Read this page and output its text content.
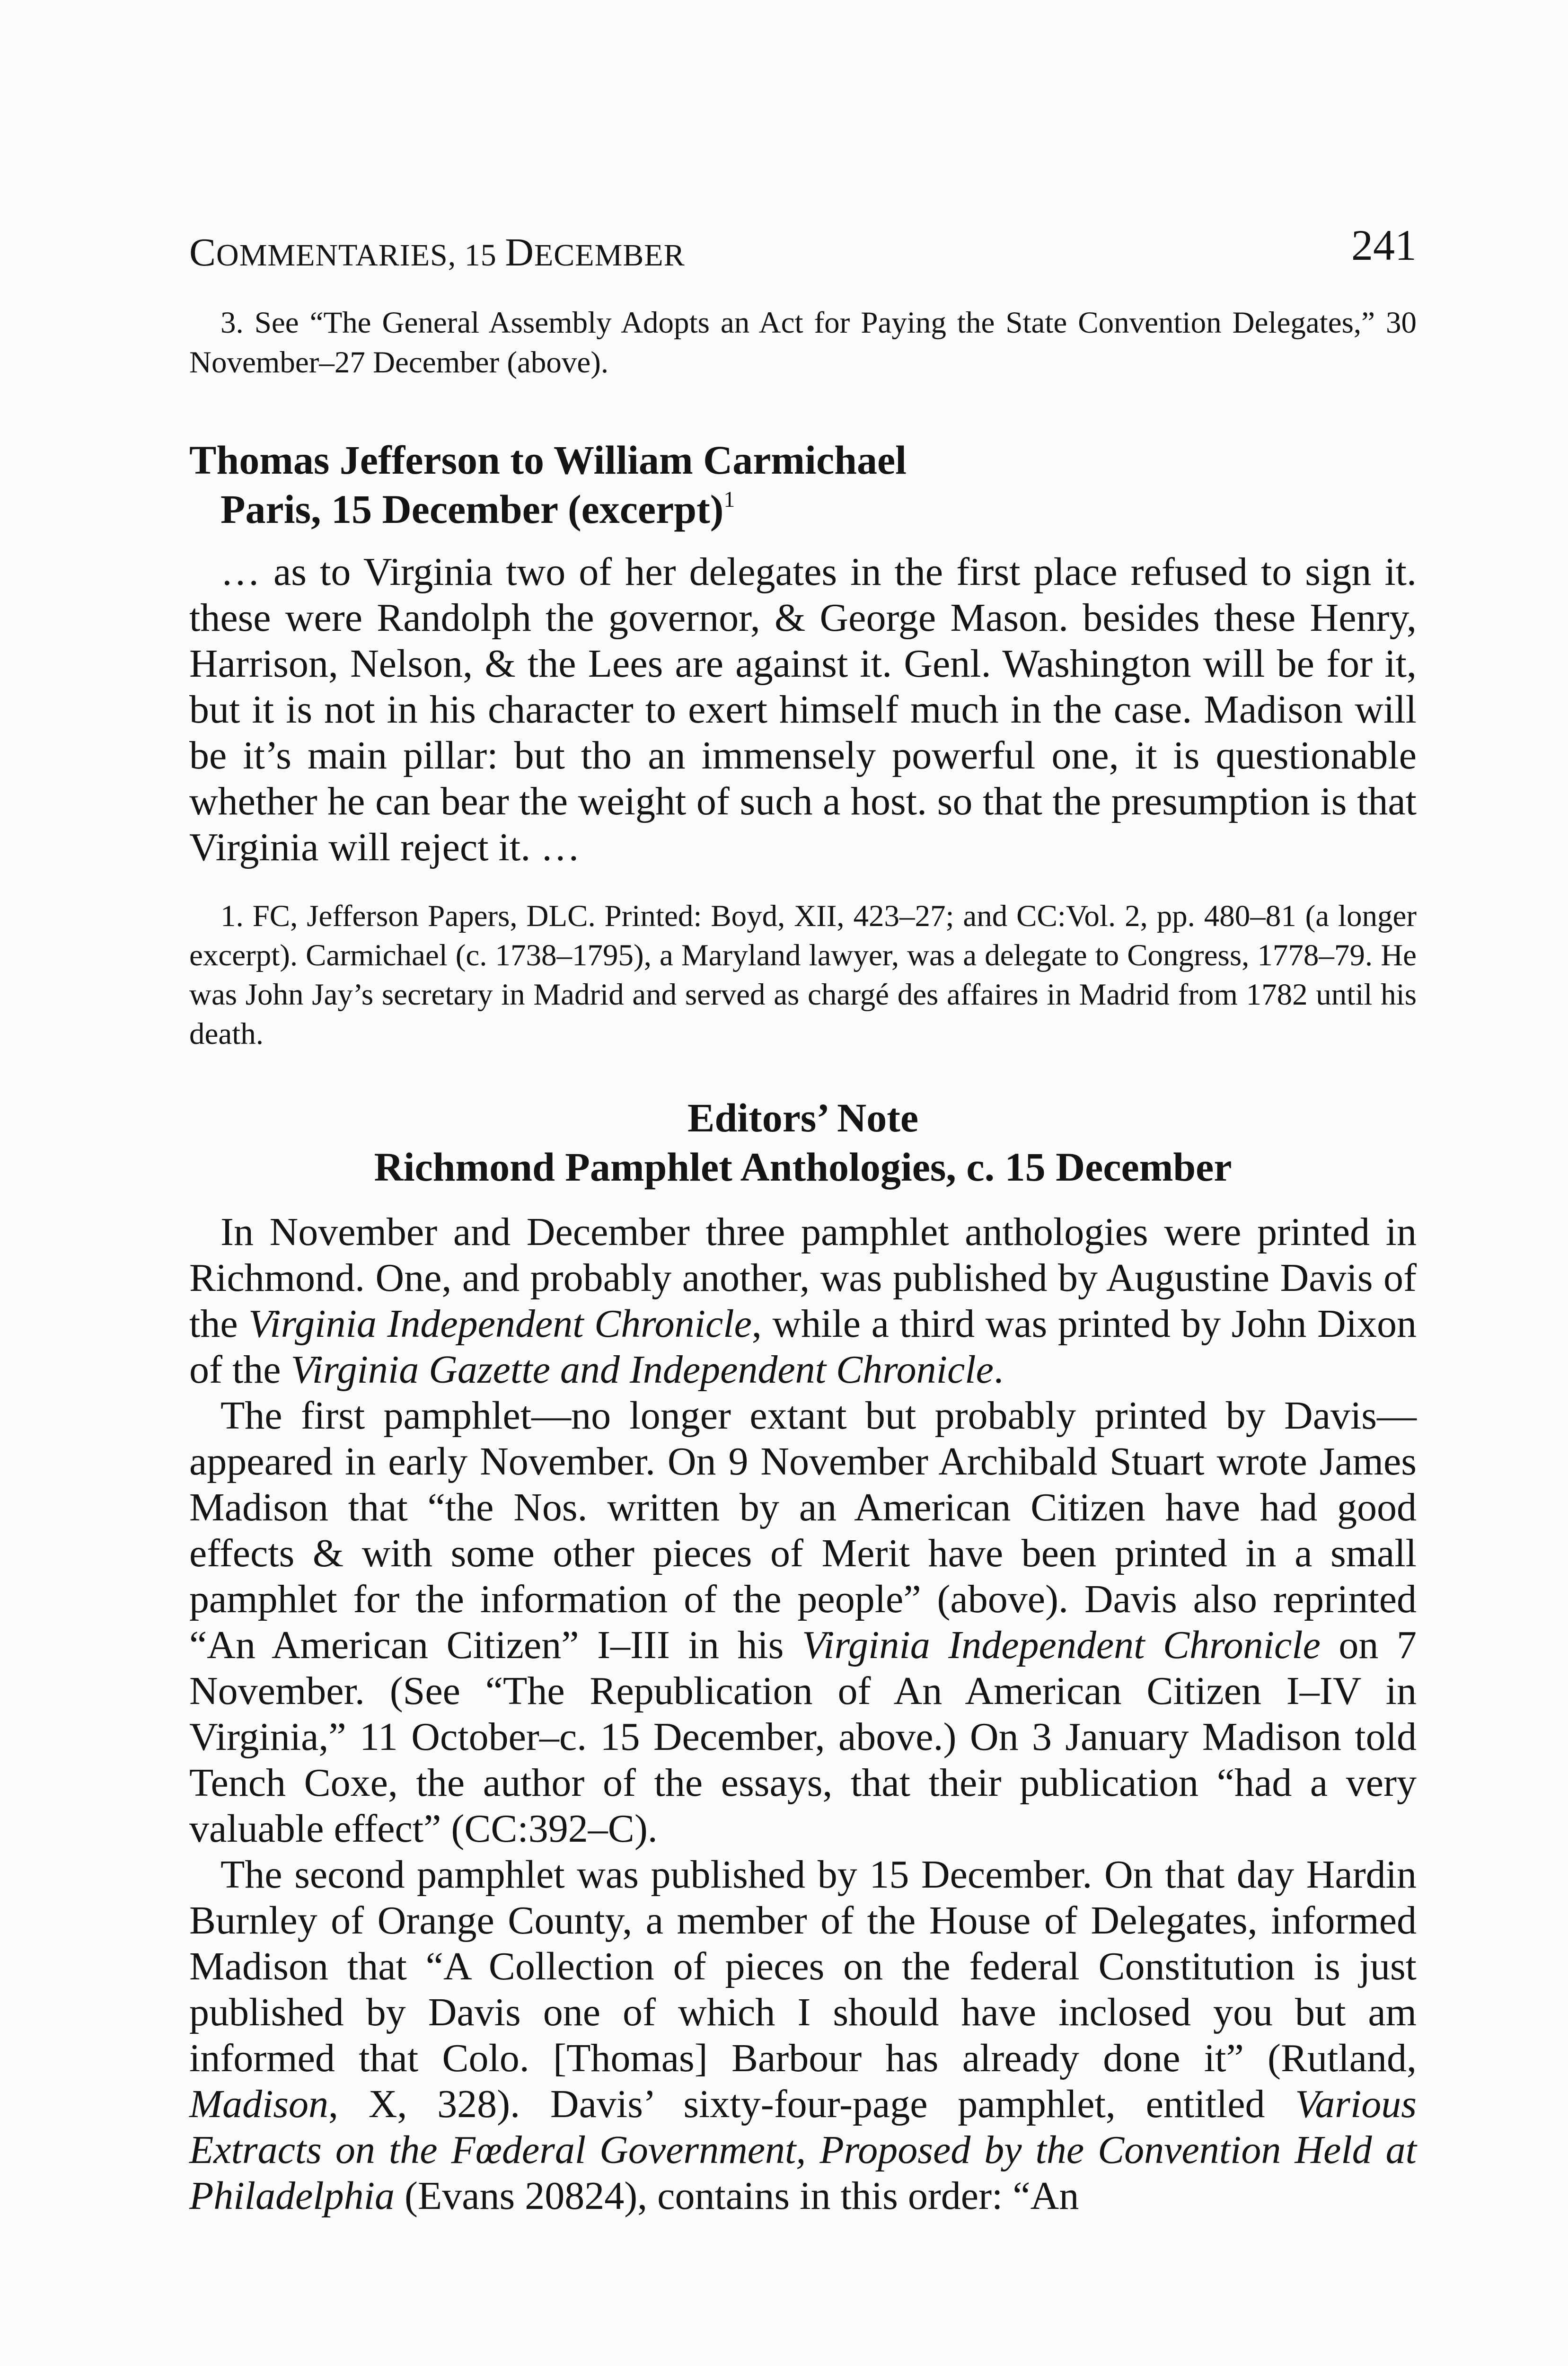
COMMENTARIES, 15 DECEMBER	241

3. See “The General Assembly Adopts an Act for Paying the State Convention Delegates,” 30 November–27 December (above).

Thomas Jefferson to William Carmichael
Paris, 15 December (excerpt)$^1$

… as to Virginia two of her delegates in the first place refused to sign it. these were Randolph the governor, & George Mason. besides these Henry, Harrison, Nelson, & the Lees are against it. Genl. Washington will be for it, but it is not in his character to exert himself much in the case. Madison will be it’s main pillar: but tho an immensely powerful one, it is questionable whether he can bear the weight of such a host. so that the presumption is that Virginia will reject it. …

1. FC, Jefferson Papers, DLC. Printed: Boyd, XII, 423–27; and CC:Vol. 2, pp. 480–81 (a longer excerpt). Carmichael (c. 1738–1795), a Maryland lawyer, was a delegate to Congress, 1778–79. He was John Jay’s secretary in Madrid and served as chargé des affaires in Madrid from 1782 until his death.

Editors’ Note
Richmond Pamphlet Anthologies, c. 15 December

In November and December three pamphlet anthologies were printed in Richmond. One, and probably another, was published by Augustine Davis of the Virginia Independent Chronicle, while a third was printed by John Dixon of the Virginia Gazette and Independent Chronicle.

The first pamphlet—no longer extant but probably printed by Davis—appeared in early November. On 9 November Archibald Stuart wrote James Madison that “the Nos. written by an American Citizen have had good effects & with some other pieces of Merit have been printed in a small pamphlet for the information of the people” (above). Davis also reprinted “An American Citizen” I–III in his Virginia Independent Chronicle on 7 November. (See “The Republication of An American Citizen I–IV in Virginia,” 11 October–c. 15 December, above.) On 3 January Madison told Tench Coxe, the author of the essays, that their publication “had a very valuable effect” (CC:392–C).

The second pamphlet was published by 15 December. On that day Hardin Burnley of Orange County, a member of the House of Delegates, informed Madison that “A Collection of pieces on the federal Constitution is just published by Davis one of which I should have inclosed you but am informed that Colo. [Thomas] Barbour has already done it” (Rutland, Madison, X, 328). Davis’ sixty-four-page pamphlet, entitled Various Extracts on the Fœderal Government, Proposed by the Convention Held at Philadelphia (Evans 20824), contains in this order: “An
